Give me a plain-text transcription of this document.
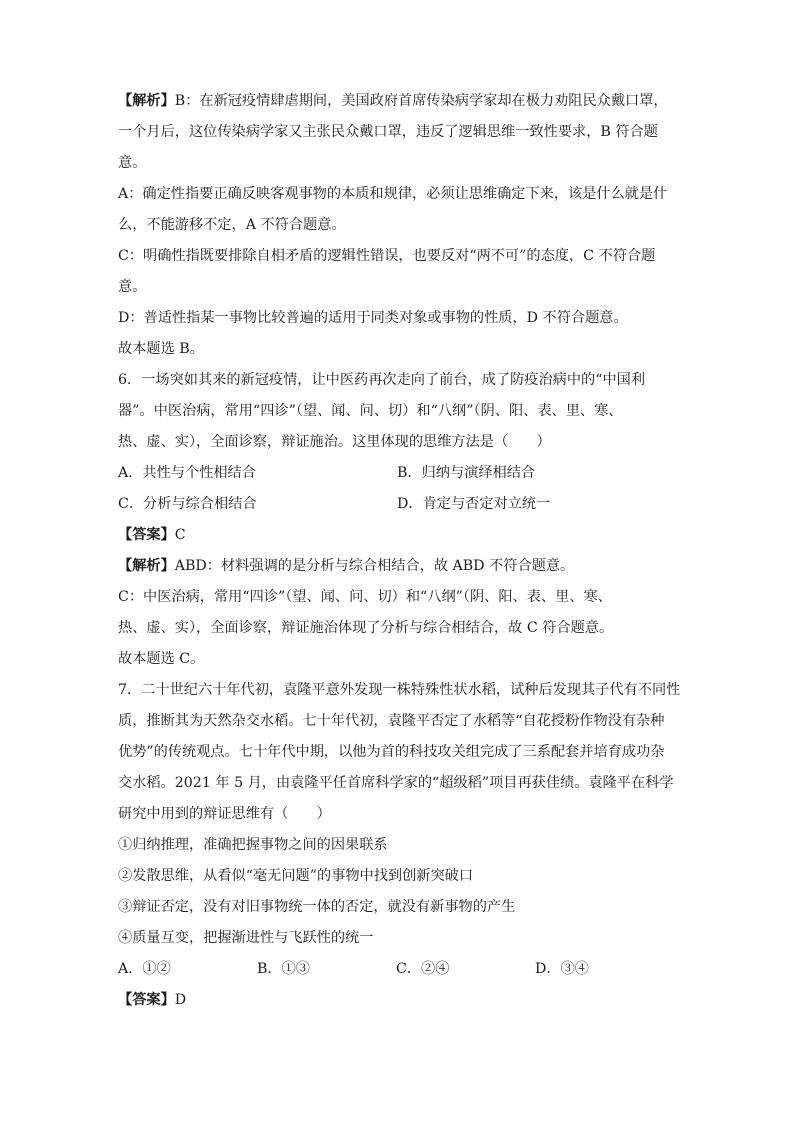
【解析】B：在新冠疫情肆虐期间，美国政府首席传染病学家却在极力劝阻民众戴口罩，
一个月后，这位传染病学家又主张民众戴口罩，违反了逻辑思维一致性要求，B 符合题
意。
A：确定性指要正确反映客观事物的本质和规律，必须让思维确定下来，该是什么就是什
么，不能游移不定，A 不符合题意。
C：明确性指既要排除自相矛盾的逻辑性错误，也要反对“两不可”的态度，C 不符合题
意。
D：普适性指某一事物比较普遍的适用于同类对象或事物的性质，D 不符合题意。
故本题选 B。
6．一场突如其来的新冠疫情，让中医药再次走向了前台，成了防疫治病中的“中国利
器”。中医治病，常用“四诊”（望、闻、问、切）和“八纲”（阴、阳、表、里、寒、
热、虚、实），全面诊察，辩证施治。这里体现的思维方法是（　　）
A．共性与个性相结合	B．归纳与演绎相结合
C．分析与综合相结合	D．肯定与否定对立统一
【答案】C
【解析】ABD：材料强调的是分析与综合相结合，故 ABD 不符合题意。
C：中医治病，常用“四诊”（望、闻、问、切）和“八纲”（阴、阳、表、里、寒、
热、虚、实），全面诊察，辩证施治体现了分析与综合相结合，故 C 符合题意。
故本题选 C。
7．二十世纪六十年代初，袁隆平意外发现一株特殊性状水稻，试种后发现其子代有不同性
质，推断其为天然杂交水稻。七十年代初，袁隆平否定了水稻等“自花授粉作物没有杂种
优势”的传统观点。七十年代中期，以他为首的科技攻关组完成了三系配套并培育成功杂
交水稻。2021 年 5 月，由袁隆平任首席科学家的“超级稻”项目再获佳绩。袁隆平在科学
研究中用到的辩证思维有（　　）
①归纳推理，准确把握事物之间的因果联系
②发散思维，从看似“毫无问题”的事物中找到创新突破口
③辩证否定，没有对旧事物统一体的否定，就没有新事物的产生
④质量互变，把握渐进性与飞跃性的统一
A．①②	B．①③	C．②④	D．③④
【答案】D
